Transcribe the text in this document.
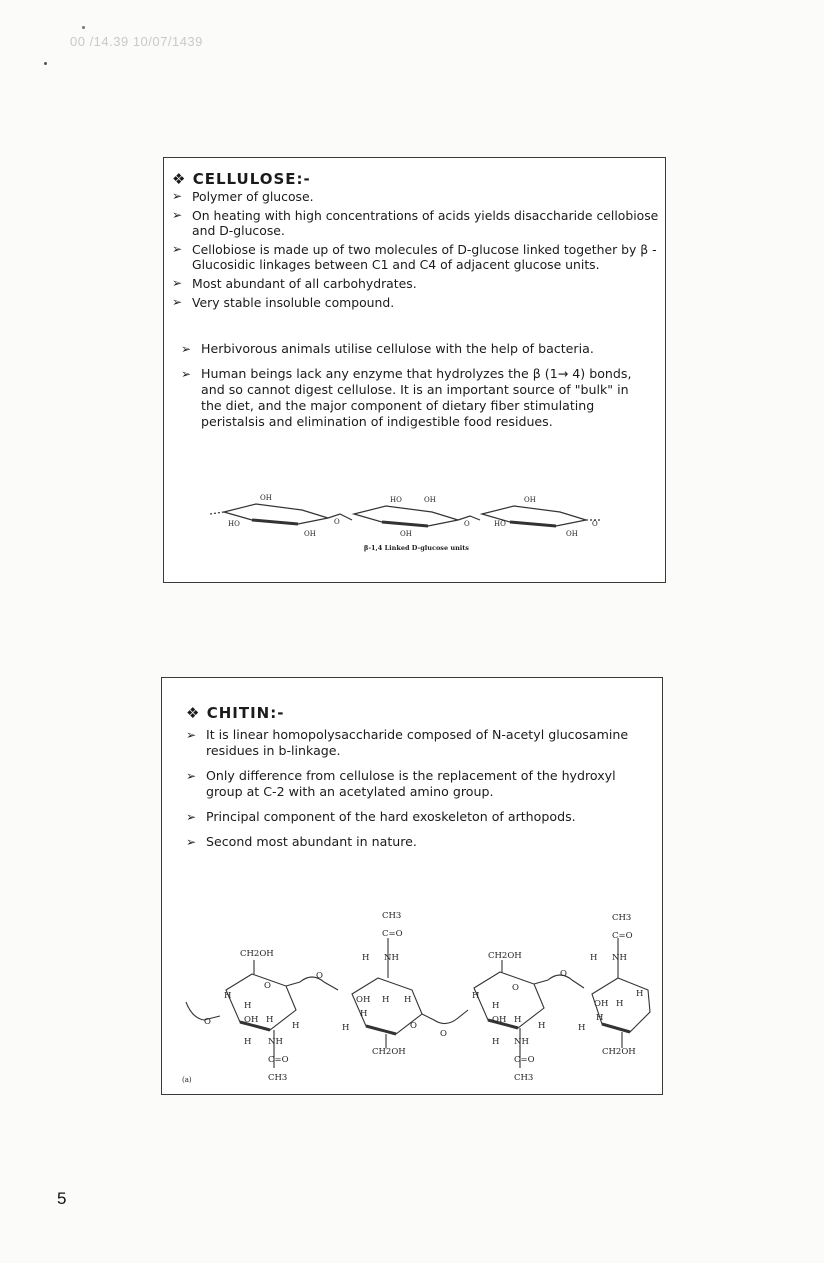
00 /14.39 10/07/1439
❖ CELLULOSE:-
➢ Polymer of glucose.
➢ On heating with high concentrations of acids yields disaccharide cellobiose and D-glucose.
➢ Cellobiose is made up of two molecules of D-glucose linked together by β -Glucosidic linkages between C1 and C4 of adjacent glucose units.
➢ Most abundant of all carbohydrates.
➢ Very stable insoluble compound.
➢ Herbivorous animals utilise cellulose with the help of bacteria.
➢ Human beings lack any enzyme that hydrolyzes the β (1→ 4) bonds, and so cannot digest cellulose. It is an important source of "bulk" in the diet, and the major component of dietary fiber stimulating peristalsis and elimination of indigestible food residues.
OH
HO
OH
O
HO	OH
OH
O	HO
OH
OH
O
β-1,4 Linked D-glucose units
❖ CHITIN:-
➢ It is linear homopolysaccharide composed of N-acetyl glucosamine residues in b-linkage.
➢ Only difference from cellulose is the replacement of the hydroxyl group at C-2 with an acetylated amino group.
➢ Principal component of the hard exoskeleton of arthopods.
➢ Second most abundant in nature.
CH2OH
O
H
H
OH H
H
O
H NH
C=O
CH3
(a)
O
CH3
C=O
H NH
OH H H
H
H	O
CH2OH
O
CH2OH
O
H
H
OH H
H
H NH
C=O
CH3
O
CH3
C=O
H NH
OH H
H
H
H
CH2OH
5
